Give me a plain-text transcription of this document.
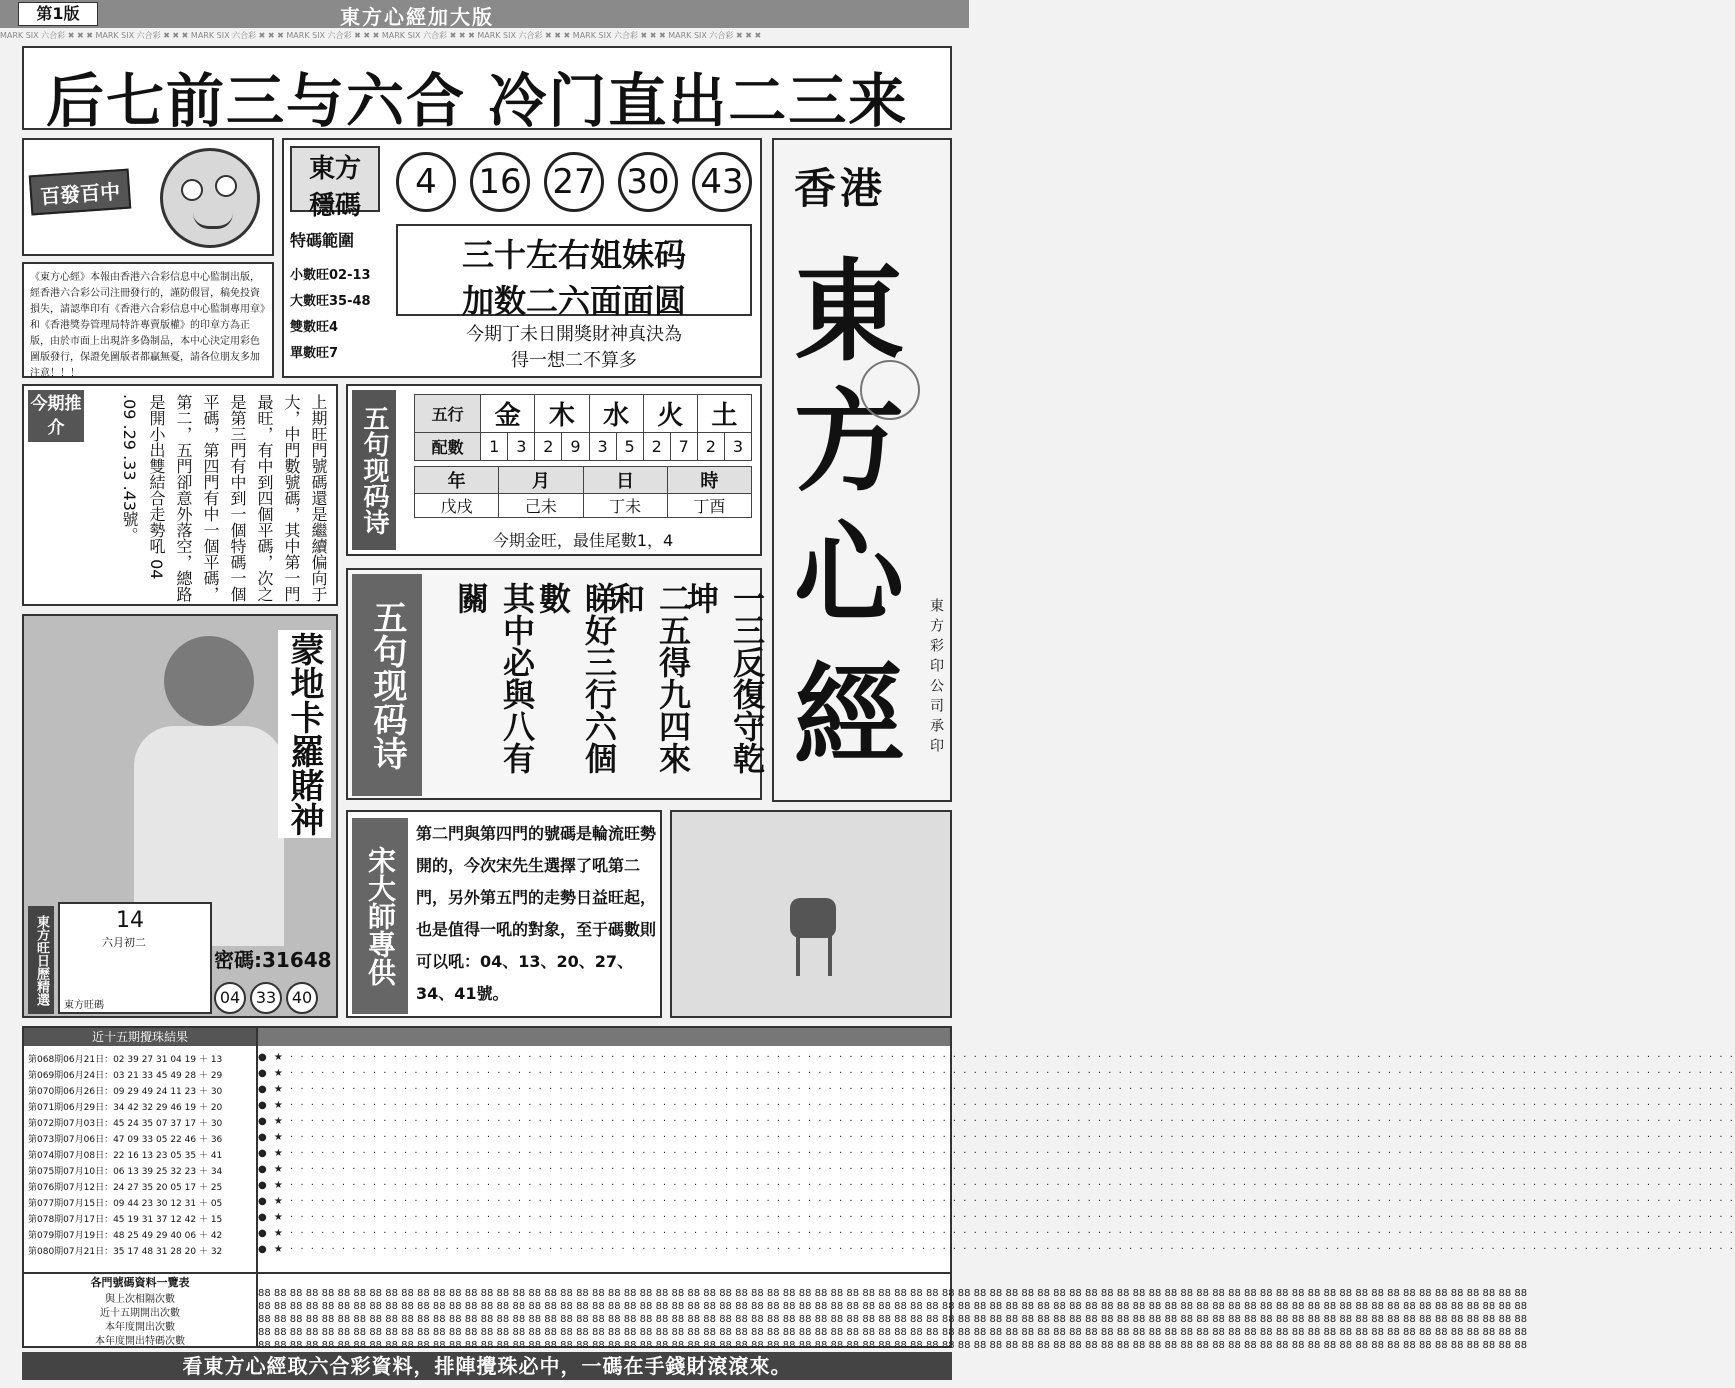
第1版	東方心經加大版
MARK SIX 六合彩 ✖ ✖ ✖ MARK SIX 六合彩 ✖ ✖ ✖ MARK SIX 六合彩 ✖ ✖ ✖ MARK SIX 六合彩 ✖ ✖ ✖ MARK SIX 六合彩 ✖ ✖ ✖ MARK SIX 六合彩 ✖ ✖ ✖ MARK SIX 六合彩 ✖ ✖ ✖ MARK SIX 六合彩 ✖ ✖ ✖
后七前三与六合 冷门直出二三来
百發百中
《東方心經》本報由香港六合彩信息中心監制出版，經香港六合彩公司注冊發行的，謹防假冒，稿免投資損失，請認準印有《香港六合彩信息中心監制專用章》和《香港獎券管理局特許專賣版權》的印章方為正版，由於市面上出現許多偽制品，本中心決定用彩色圖版發行，保證免圖版者都贏無憂，請各位朋友多加注意！！！
東方
穩碼
4	16 27 30 43
特碼範圍
小數旺02-13
大數旺35-48
雙數旺4
單數旺7
三十左右姐妹码
加数二六面面圆
今期丁未日開獎財神真決為
得一想二不算多
香港
東
方
心
經 東方彩印公司承印
今期推介	上期旺門號碼還是繼續偏向于大，中門數號碼，其中第一門最旺，有中到四個平碼，次之是第三門有中到一個特碼一個平碼，第四門有中一個平碼，第二，五門卻意外落空，總路是開小出雙結合走勢吼 04 .09 .29 .33 .43號。	五句现码诗	五行	金		木		水		火		土	
配數	1	3	2	9	3	5	2	7	2	3
年	月	日	時
戊戌	己未	丁未	丁酉
今期金旺，最佳尾數1，4
五句现码诗	一三反復守乾坤
二五得九四來和
睇好三行六個數
其中必與八有關
蒙地卡羅賭神
東方旺日歷精選	14
六月初二
東方旺碼
密碼:31648
04 33 40
宋大師專供
第二門與第四門的號碼是輪流旺勢開的，今次宋先生選擇了吼第二門，另外第五門的走勢日益旺起，也是值得一吼的對象，至于碼數則可以吼：04、13、20、27、34、41號。
近十五期攪珠結果
各門號碼資料一覽表
與上次相隔次數
近十五期開出次數
本年度開出次數
本年度開出特碼次數
第068期06月21日：02 39 27 31 04 19 ＋ 13
第069期06月24日：03 21 33 45 49 28 ＋ 29
第070期06月26日：09 29 49 24 11 23 ＋ 30
第071期06月29日：34 42 32 29 46 19 ＋ 20
第072期07月03日：45 24 35 07 37 17 ＋ 30
第073期07月06日：47 09 33 05 22 46 ＋ 36
第074期07月08日：22 16 13 23 05 35 ＋ 41
第075期07月10日：06 13 39 25 32 23 ＋ 34
第076期07月12日：24 27 35 20 05 17 ＋ 25
第077期07月15日：09 44 23 30 12 31 ＋ 05
第078期07月17日：45 19 31 37 12 42 ＋ 15
第079期07月19日：48 25 49 29 40 06 ＋ 42
第080期07月21日：35 17 48 31 28 20 ＋ 32
● ★ · · · · · · · · · · · · · · · · · · · · · · · · · · · · · · · · · · · · · · · · · · · · · · · · · · · · · · · · · · · · · · · · · · · · · · · · · · · · · · · · · · · · · · · · · · · · · · · · · · · · · · · · · · · · · · · · · · · · · · · · · · · · · · · · · · · · · · · · · · · ·
● ★ · · · · · · · · · · · · · · · · · · · · · · · · · · · · · · · · · · · · · · · · · · · · · · · · · · · · · · · · · · · · · · · · · · · · · · · · · · · · · · · · · · · · · · · · · · · · · · · · · · · · · · · · · · · · · · · · · · · · · · · · · · · · · · · · · · · · · · · · · · · ·
● ★ · · · · · · · · · · · · · · · · · · · · · · · · · · · · · · · · · · · · · · · · · · · · · · · · · · · · · · · · · · · · · · · · · · · · · · · · · · · · · · · · · · · · · · · · · · · · · · · · · · · · · · · · · · · · · · · · · · · · · · · · · · · · · · · · · · · · · · · · · · · ·
● ★ · · · · · · · · · · · · · · · · · · · · · · · · · · · · · · · · · · · · · · · · · · · · · · · · · · · · · · · · · · · · · · · · · · · · · · · · · · · · · · · · · · · · · · · · · · · · · · · · · · · · · · · · · · · · · · · · · · · · · · · · · · · · · · · · · · · · · · · · · · · ·
● ★ · · · · · · · · · · · · · · · · · · · · · · · · · · · · · · · · · · · · · · · · · · · · · · · · · · · · · · · · · · · · · · · · · · · · · · · · · · · · · · · · · · · · · · · · · · · · · · · · · · · · · · · · · · · · · · · · · · · · · · · · · · · · · · · · · · · · · · · · · · · ·
● ★ · · · · · · · · · · · · · · · · · · · · · · · · · · · · · · · · · · · · · · · · · · · · · · · · · · · · · · · · · · · · · · · · · · · · · · · · · · · · · · · · · · · · · · · · · · · · · · · · · · · · · · · · · · · · · · · · · · · · · · · · · · · · · · · · · · · · · · · · · · · ·
● ★ · · · · · · · · · · · · · · · · · · · · · · · · · · · · · · · · · · · · · · · · · · · · · · · · · · · · · · · · · · · · · · · · · · · · · · · · · · · · · · · · · · · · · · · · · · · · · · · · · · · · · · · · · · · · · · · · · · · · · · · · · · · · · · · · · · · · · · · · · · · ·
● ★ · · · · · · · · · · · · · · · · · · · · · · · · · · · · · · · · · · · · · · · · · · · · · · · · · · · · · · · · · · · · · · · · · · · · · · · · · · · · · · · · · · · · · · · · · · · · · · · · · · · · · · · · · · · · · · · · · · · · · · · · · · · · · · · · · · · · · · · · · · · ·
● ★ · · · · · · · · · · · · · · · · · · · · · · · · · · · · · · · · · · · · · · · · · · · · · · · · · · · · · · · · · · · · · · · · · · · · · · · · · · · · · · · · · · · · · · · · · · · · · · · · · · · · · · · · · · · · · · · · · · · · · · · · · · · · · · · · · · · · · · · · · · · ·
● ★ · · · · · · · · · · · · · · · · · · · · · · · · · · · · · · · · · · · · · · · · · · · · · · · · · · · · · · · · · · · · · · · · · · · · · · · · · · · · · · · · · · · · · · · · · · · · · · · · · · · · · · · · · · · · · · · · · · · · · · · · · · · · · · · · · · · · · · · · · · · ·
● ★ · · · · · · · · · · · · · · · · · · · · · · · · · · · · · · · · · · · · · · · · · · · · · · · · · · · · · · · · · · · · · · · · · · · · · · · · · · · · · · · · · · · · · · · · · · · · · · · · · · · · · · · · · · · · · · · · · · · · · · · · · · · · · · · · · · · · · · · · · · · ·
● ★ · · · · · · · · · · · · · · · · · · · · · · · · · · · · · · · · · · · · · · · · · · · · · · · · · · · · · · · · · · · · · · · · · · · · · · · · · · · · · · · · · · · · · · · · · · · · · · · · · · · · · · · · · · · · · · · · · · · · · · · · · · · · · · · · · · · · · · · · · · · ·
● ★ · · · · · · · · · · · · · · · · · · · · · · · · · · · · · · · · · · · · · · · · · · · · · · · · · · · · · · · · · · · · · · · · · · · · · · · · · · · · · · · · · · · · · · · · · · · · · · · · · · · · · · · · · · · · · · · · · · · · · · · · · · · · · · · · · · · · · · · · · · · ·
88 88 88 88 88 88 88 88 88 88 88 88 88 88 88 88 88 88 88 88 88 88 88 88 88 88 88 88 88 88 88 88 88 88 88 88 88 88 88 88 88 88 88 88 88 88 88 88 88 88 88 88 88 88 88 88 88 88 88 88 88 88 88 88 88 88 88 88 88 88 88 88 88 88 88 88 88 88 88 88
88 88 88 88 88 88 88 88 88 88 88 88 88 88 88 88 88 88 88 88 88 88 88 88 88 88 88 88 88 88 88 88 88 88 88 88 88 88 88 88 88 88 88 88 88 88 88 88 88 88 88 88 88 88 88 88 88 88 88 88 88 88 88 88 88 88 88 88 88 88 88 88 88 88 88 88 88 88 88 88
88 88 88 88 88 88 88 88 88 88 88 88 88 88 88 88 88 88 88 88 88 88 88 88 88 88 88 88 88 88 88 88 88 88 88 88 88 88 88 88 88 88 88 88 88 88 88 88 88 88 88 88 88 88 88 88 88 88 88 88 88 88 88 88 88 88 88 88 88 88 88 88 88 88 88 88 88 88 88 88
88 88 88 88 88 88 88 88 88 88 88 88 88 88 88 88 88 88 88 88 88 88 88 88 88 88 88 88 88 88 88 88 88 88 88 88 88 88 88 88 88 88 88 88 88 88 88 88 88 88 88 88 88 88 88 88 88 88 88 88 88 88 88 88 88 88 88 88 88 88 88 88 88 88 88 88 88 88 88 88
88 88 88 88 88 88 88 88 88 88 88 88 88 88 88 88 88 88 88 88 88 88 88 88 88 88 88 88 88 88 88 88 88 88 88 88 88 88 88 88 88 88 88 88 88 88 88 88 88 88 88 88 88 88 88 88 88 88 88 88 88 88 88 88 88 88 88 88 88 88 88 88 88 88 88 88 88 88 88 88
看東方心經取六合彩資料，排陣攪珠必中，一碼在手錢財滾滾來。
